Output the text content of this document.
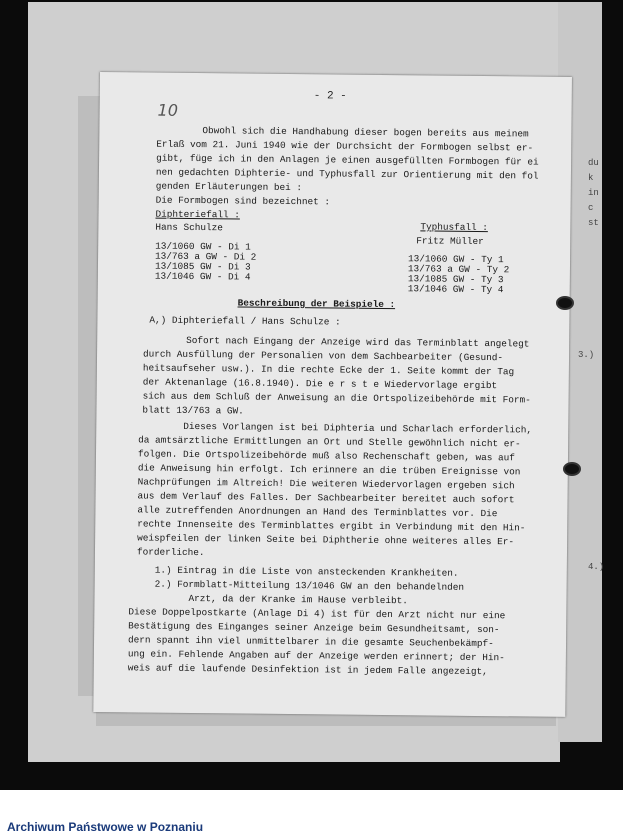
du
k
in
c
st
3.)
4.)
- 2 -
10
Obwohl sich die Handhabung dieser bogen bereits aus meinem
Erlaß vom 21. Juni 1940 wie der Durchsicht der Formbogen selbst er-
gibt, füge ich in den Anlagen je einen ausgefüllten Formbogen für ei
nen gedachten Diphterie- und Typhusfall zur Orientierung mit den fol
genden Erläuterungen bei :
Die Formbogen sind bezeichnet :
Diphteriefall :
Hans Schulze
13/1060 GW - Di 1
13/763 a GW - Di 2
13/1085 GW - Di 3
13/1046 GW - Di 4
Typhusfall :
Fritz Müller
13/1060 GW - Ty 1
13/763 a GW - Ty 2
13/1085 GW - Ty 3
13/1046 GW - Ty 4
Beschreibung der Beispiele :
A,) Diphteriefall / Hans Schulze :
Sofort nach Eingang der Anzeige wird das Terminblatt angelegt
durch Ausfüllung der Personalien von dem Sachbearbeiter (Gesund-
heitsaufseher usw.). In die rechte Ecke der 1. Seite kommt der Tag
der Aktenanlage (16.8.1940). Die e r s t e Wiedervorlage ergibt
sich aus dem Schluß der Anweisung an die Ortspolizeibehörde mit Form-
blatt 13/763 a GW.
Dieses Vorlangen ist bei Diphteria und Scharlach erforderlich,
da amtsärztliche Ermittlungen an Ort und Stelle gewöhnlich nicht er-
folgen. Die Ortspolizeibehörde muß also Rechenschaft geben, was auf
die Anweisung hin erfolgt. Ich erinnere an die trüben Ereignisse von
Nachprüfungen im Altreich! Die weiteren Wiedervorlagen ergeben sich
aus dem Verlauf des Falles. Der Sachbearbeiter bereitet auch sofort
alle zutreffenden Anordnungen an Hand des Terminblattes vor. Die
rechte Innenseite des Terminblattes ergibt in Verbindung mit den Hin-
weispfeilen der linken Seite bei Diphtherie ohne weiteres alles Er-
forderliche.
1.) Eintrag in die Liste von ansteckenden Krankheiten.
2.) Formblatt-Mitteilung 13/1046 GW an den behandelnden
Arzt, da der Kranke im Hause verbleibt.
Diese Doppelpostkarte (Anlage Di 4) ist für den Arzt nicht nur eine
Bestätigung des Einganges seiner Anzeige beim Gesundheitsamt, son-
dern spannt ihn viel unmittelbarer in die gesamte Seuchenbekämpf-
ung ein. Fehlende Angaben auf der Anzeige werden erinnert; der Hin-
weis auf die laufende Desinfektion ist in jedem Falle angezeigt,
Archiwum Państwowe w Poznaniu
